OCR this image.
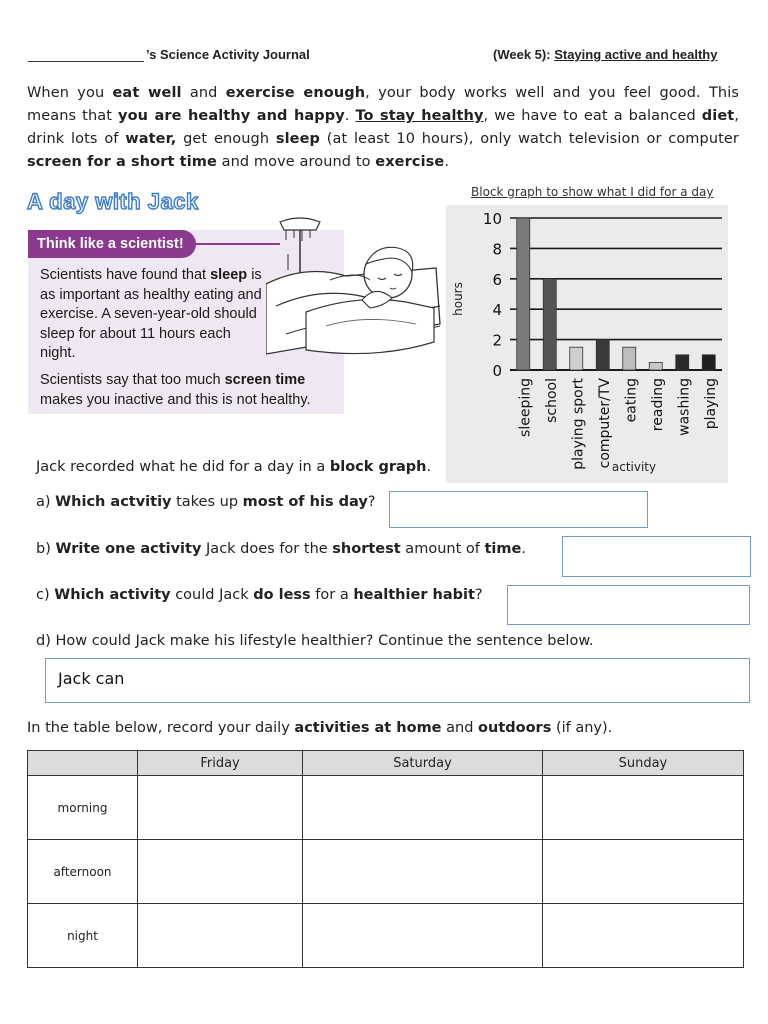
’s Science Activity Journal	(Week 5): Staying active and healthy
When you eat well and exercise enough, your body works well and you feel good. This means that you are healthy and happy. To stay healthy, we have to eat a balanced diet, drink lots of water, get enough sleep (at least 10 hours), only watch television or computer screen for a short time and move around to exercise.
A day with Jack
Think like a scientist!

Scientists have found that sleep is as important as healthy eating and exercise. A seven-year-old should sleep for about 11 hours each night.

Scientists say that too much screen time makes you inactive and this is not healthy.

Block graph to show what I did for a day
0
2
4
6
8
10
sleeping school playing sport computer/TV eating reading washing playing
hours
activity
Jack recorded what he did for a day in a block graph.
a) Which actvitiy takes up most of his day?
b) Write one activity Jack does for the shortest amount of time.
c) Which activity could Jack do less for a healthier habit?
d) How could Jack make his lifestyle healthier? Continue the sentence below.
Jack can
In the table below, record your daily activities at home and outdoors (if any).
	Friday	Saturday	Sunday
morning			
afternoon			
night			
